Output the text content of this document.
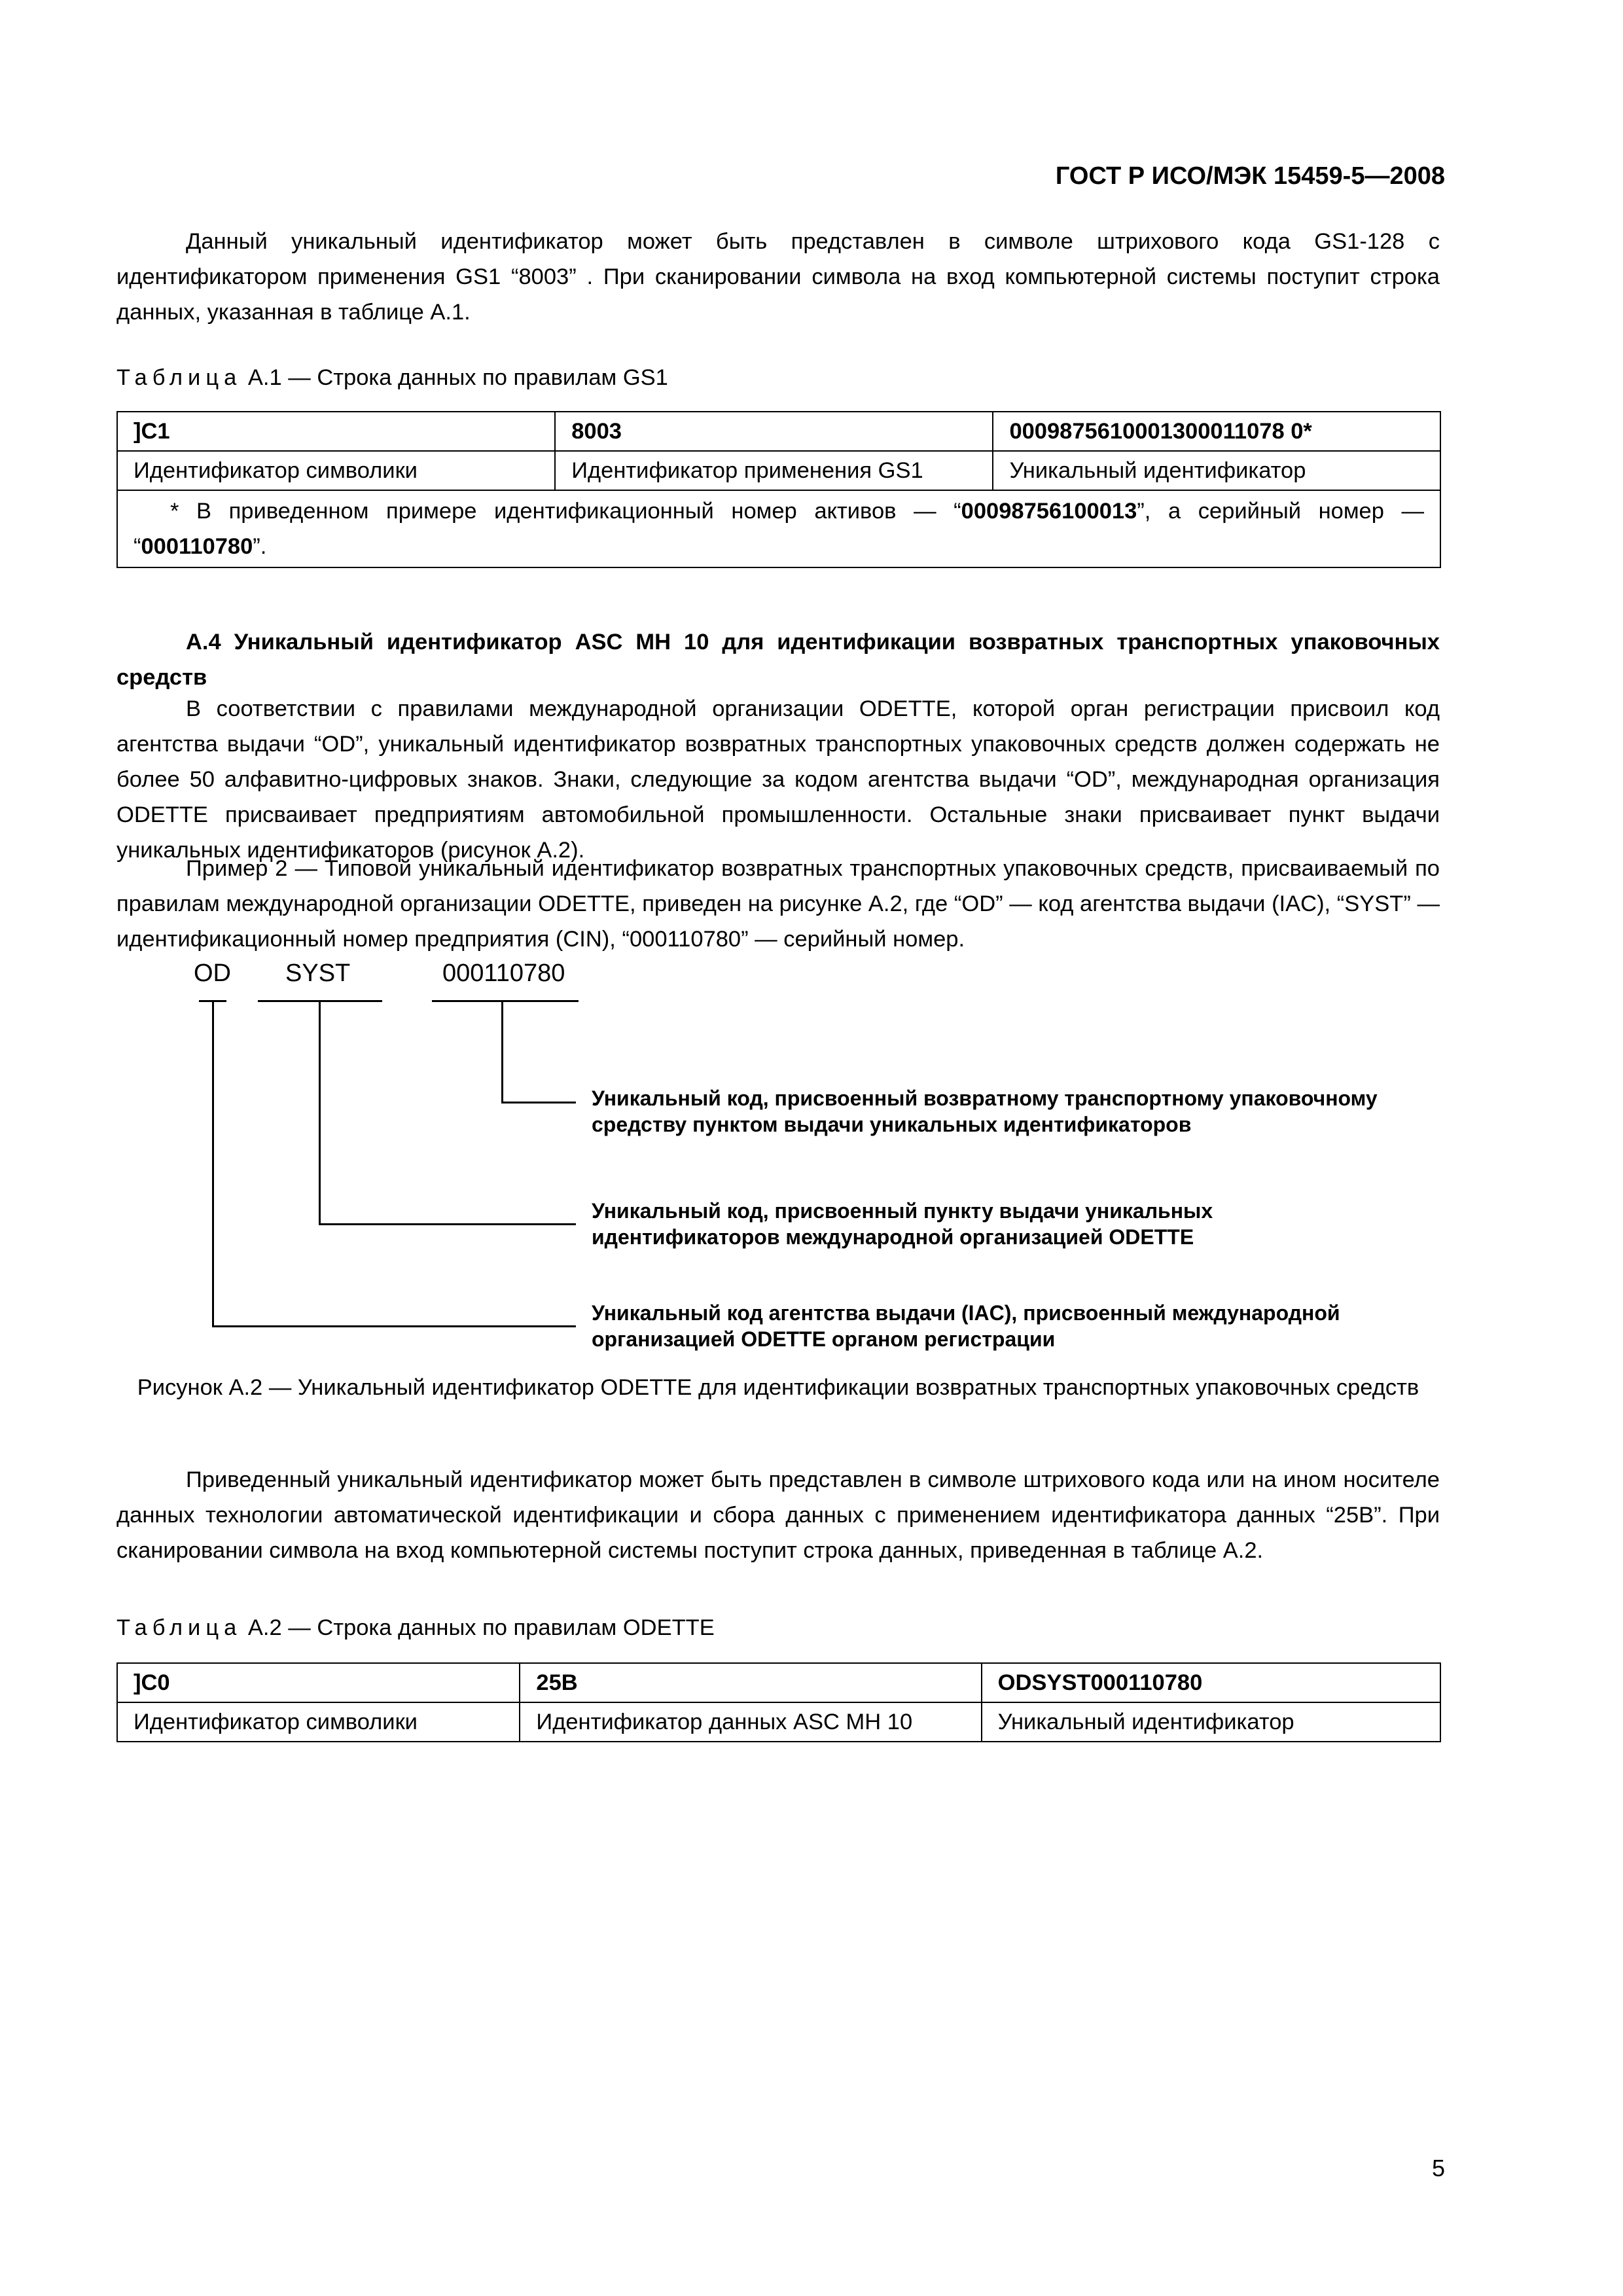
ГОСТ Р ИСО/МЭК 15459-5—2008

Данный уникальный идентификатор может быть представлен в символе штрихового кода GS1-128 с идентификатором применения GS1 “8003” . При сканировании символа на вход компьютерной системы поступит строка данных, указанная в таблице А.1.

Таблица А.1 — Строка данных по правилам GS1

]С1	8003	0009875610001300011078 0*
Идентификатор символики	Идентификатор применения GS1	Уникальный идентификатор
* В приведенном примере идентификационный номер активов — “00098756100013”, а серийный номер — “000110780”.		

А.4 Уникальный идентификатор ASC MH 10 для идентификации возвратных транспортных упаковочных средств

В соответствии с правилами международной организации ODETTE, которой орган регистрации присвоил код агентства выдачи “OD”, уникальный идентификатор возвратных транспортных упаковочных средств должен содержать не более 50 алфавитно-цифровых знаков. Знаки, следующие за кодом агентства выдачи “OD”, международная организация ODETTE присваивает предприятиям автомобильной промышленности. Остальные знаки присваивает пункт выдачи уникальных идентификаторов (рисунок А.2).

Пример 2 — Типовой уникальный идентификатор возвратных транспортных упаковочных средств, присваиваемый по правилам международной организации ODETTE, приведен на рисунке А.2, где “OD” — код агентства выдачи (IAC), “SYST” — идентификационный номер предприятия (CIN), “000110780” — серийный номер.

OD SYST	000110780

Уникальный код, присвоенный возвратному транспортному упаковочному средству пунктом выдачи уникальных идентификаторов

Уникальный код, присвоенный пункту выдачи уникальных идентификаторов международной организацией ODETTE

Уникальный код агентства выдачи (IAC), присвоенный международной организацией ODETTE органом регистрации

Рисунок А.2 — Уникальный идентификатор ODETTE для идентификации возвратных транспортных упаковочных средств

Приведенный уникальный идентификатор может быть представлен в символе штрихового кода или на ином носителе данных технологии автоматической идентификации и сбора данных с применением идентификатора данных “25B”. При сканировании символа на вход компьютерной системы поступит строка данных, приведенная в таблице А.2.

Таблица А.2 — Строка данных по правилам ODETTE

]С0	25B	ODSYST000110780
Идентификатор символики	Идентификатор данных ASC MH 10	Уникальный идентификатор

5
